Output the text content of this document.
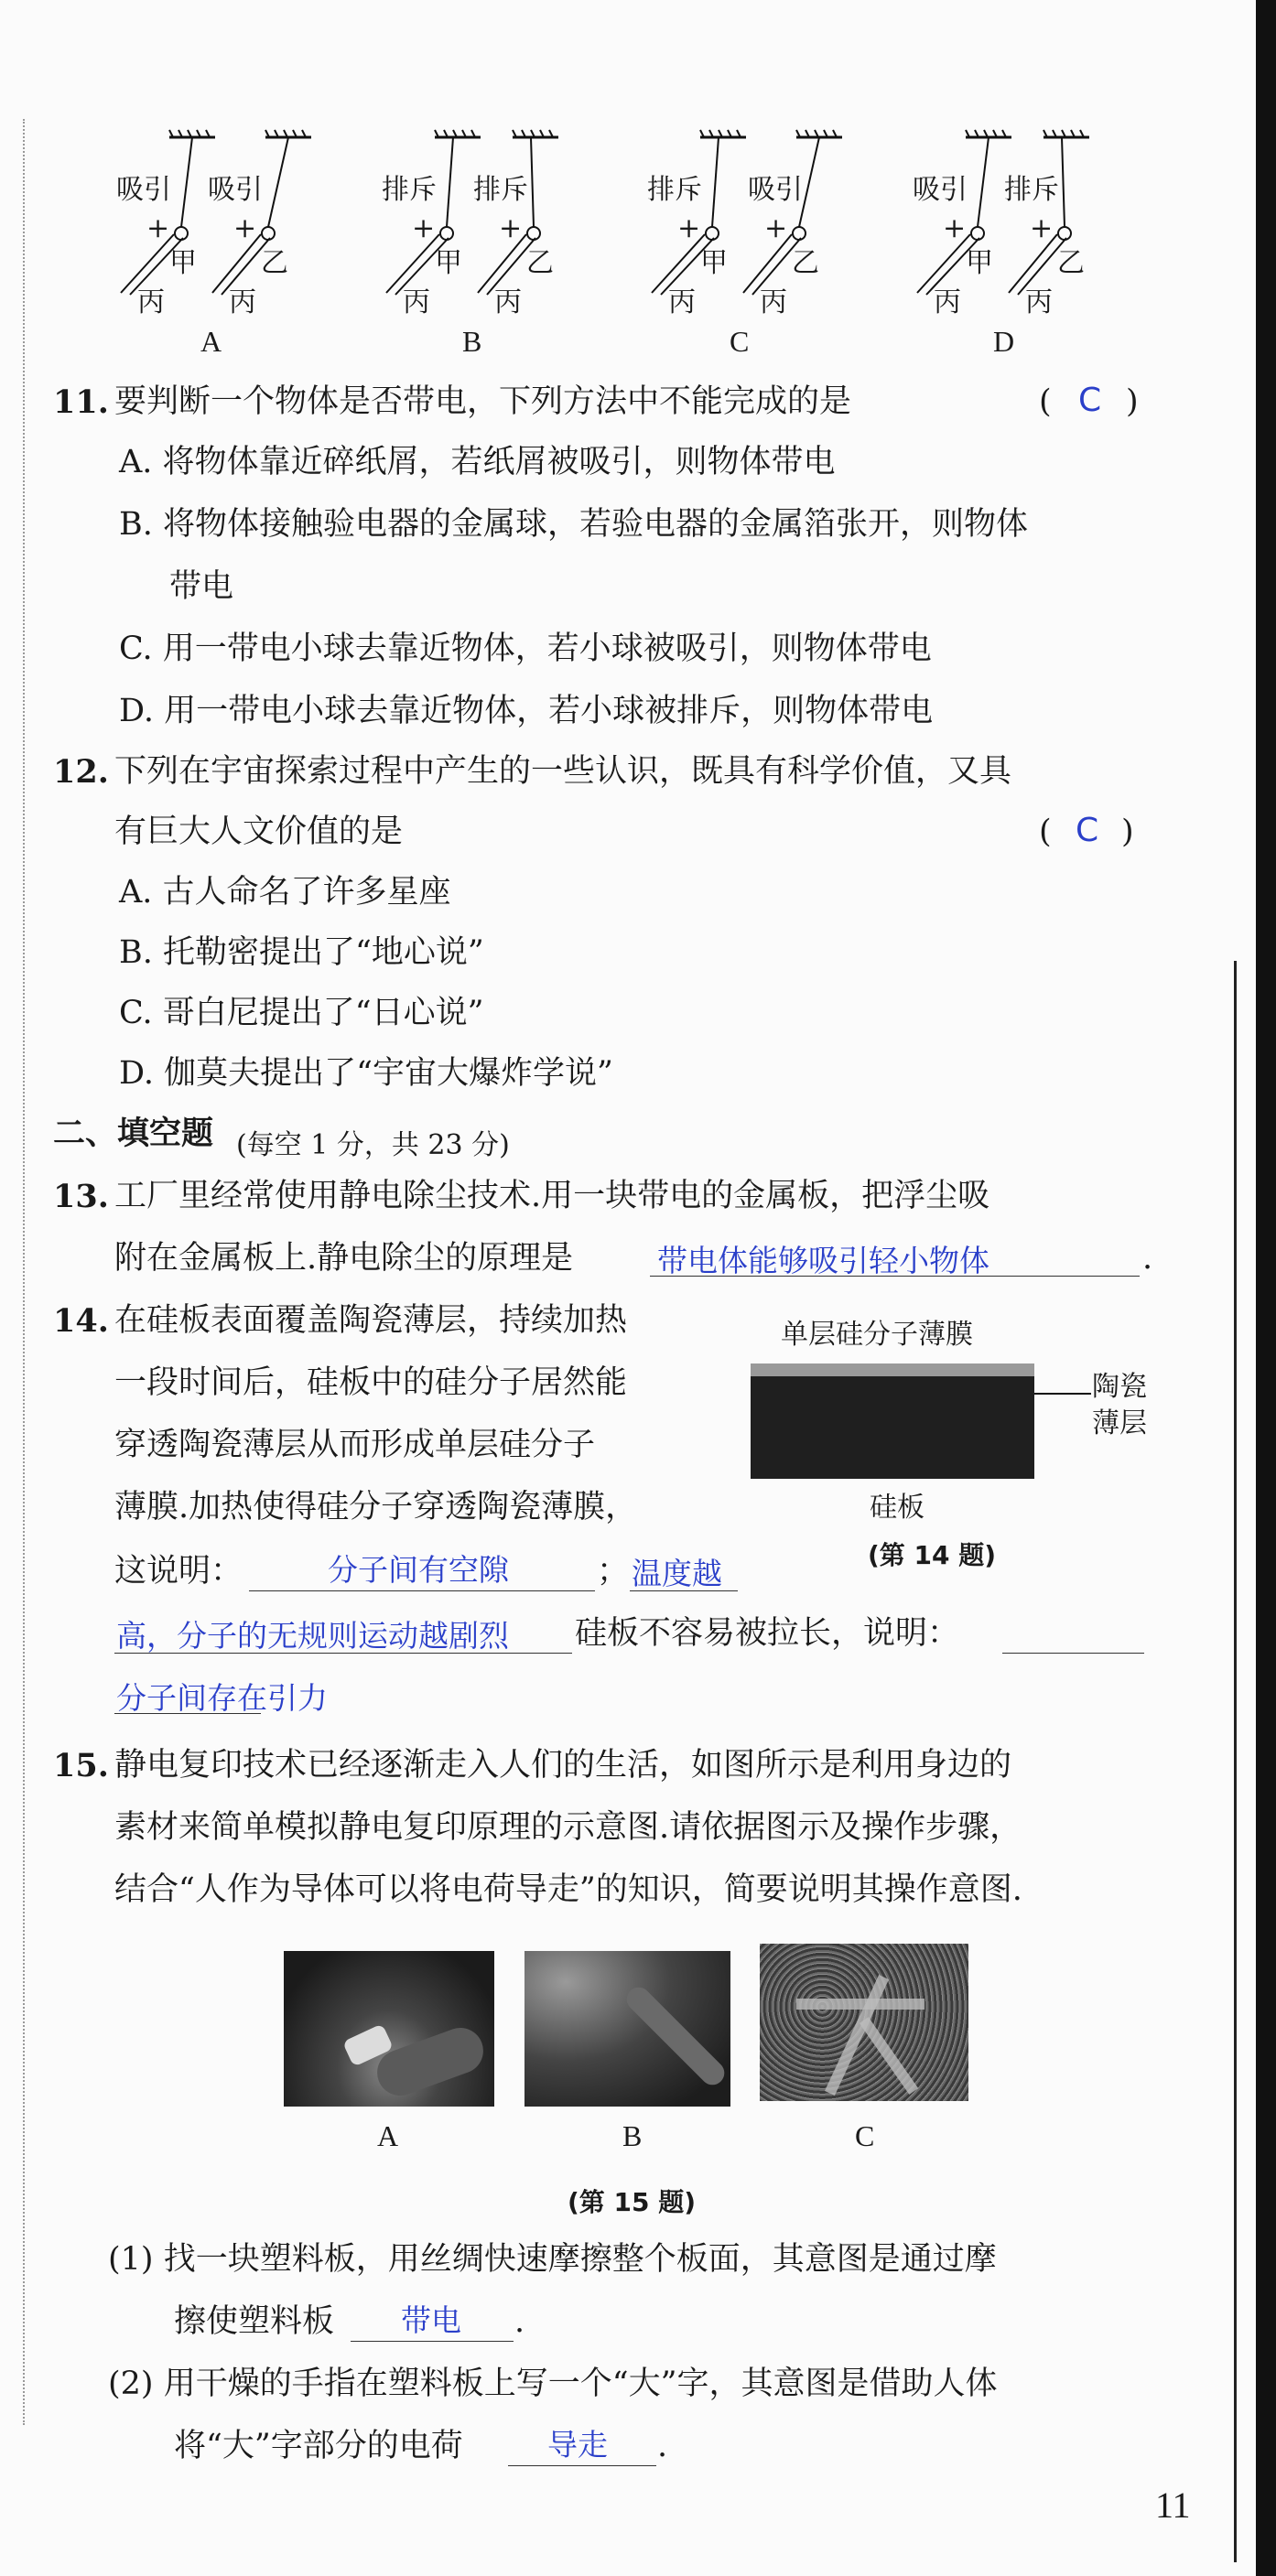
吸引 吸引	排斥 排斥	排斥 吸引	吸引 排斥
+ +	+ +	+ +	+ +
甲 乙	甲 乙	甲 乙	甲 乙
丙 丙	丙 丙	丙 丙	丙 丙
A	B	C	D
11. 要判断一个物体是否带电，下列方法中不能完成的是	( C )
A. 将物体靠近碎纸屑，若纸屑被吸引，则物体带电
B. 将物体接触验电器的金属球，若验电器的金属箔张开，则物体
带电
C. 用一带电小球去靠近物体，若小球被吸引，则物体带电
D. 用一带电小球去靠近物体，若小球被排斥，则物体带电
12. 下列在宇宙探索过程中产生的一些认识，既具有科学价值，又具
有巨大人文价值的是	( C )
A. 古人命名了许多星座
B. 托勒密提出了“地心说”
C. 哥白尼提出了“日心说”
D. 伽莫夫提出了“宇宙大爆炸学说”
二、填空题 (每空 1 分，共 23 分)
13. 工厂里经常使用静电除尘技术.用一块带电的金属板，把浮尘吸
附在金属板上.静电除尘的原理是	带电体能够吸引轻小物体	.
14. 在硅板表面覆盖陶瓷薄层，持续加热
一段时间后，硅板中的硅分子居然能
穿透陶瓷薄层从而形成单层硅分子
薄膜.加热使得硅分子穿透陶瓷薄膜，
单层硅分子薄膜
陶瓷
薄层
硅板
(第 14 题)
这说明：	分子间有空隙	； 温度越
高，分子的无规则运动越剧烈 硅板不容易被拉长，说明：
分子间存在引力
15. 静电复印技术已经逐渐走入人们的生活，如图所示是利用身边的
素材来简单模拟静电复印原理的示意图.请依据图示及操作步骤，
结合“人作为导体可以将电荷导走”的知识，简要说明其操作意图.
A	B	C
(第 15 题)
(1) 找一块塑料板，用丝绸快速摩擦整个板面，其意图是通过摩
擦使塑料板 带电 .
(2) 用干燥的手指在塑料板上写一个“大”字，其意图是借助人体
将“大”字部分的电荷	导走 .
11
